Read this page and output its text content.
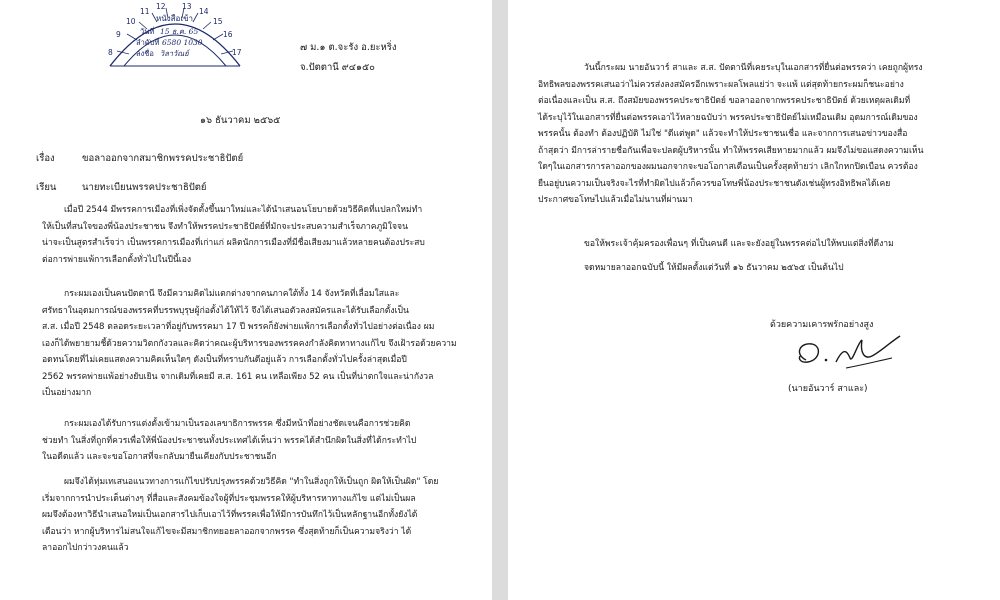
8
9
10
11
12 13
14
15
16
17
หนังสือเข้า
วันที่ 15 ธ.ค. 65
ลำดับที่ 6580 1030
ลงชื่อ วิลาวัณย์
๗ ม.๑ ต.จะรัง อ.ยะหริ่ง
จ.ปัตตานี ๙๔๑๕๐
๑๖ ธันวาคม ๒๕๖๕
เรื่อง	ขอลาออกจากสมาชิกพรรคประชาธิปัตย์
เรียน	นายทะเบียนพรรคประชาธิปัตย์
เมื่อปี 2544 มีพรรคการเมืองที่เพิ่งจัดตั้งขึ้นมาใหม่และได้นำเสนอนโยบายด้วยวิธีคิดที่แปลกใหม่ทำ
ให้เป็นที่สนใจของพี่น้องประชาชน จึงทำให้พรรคประชาธิปัตย์ที่มักจะประสบความสำเร็จภาคภูมิใจจน
น่าจะเป็นสูตรสำเร็จว่า เป็นพรรคการเมืองที่เก่าแก่ ผลิตนักการเมืองที่มีชื่อเสียงมาแล้วหลายคนต้องประสบ
ต่อการพ่ายแพ้การเลือกตั้งทั่วไปในปีนี้เอง
กระผมเองเป็นคนปัตตานี จึงมีความคิดไม่แตกต่างจากคนภาคใต้ทั้ง 14 จังหวัดที่เลื่อมใสและ
ศรัทธาในอุดมการณ์ของพรรคที่บรรพบุรุษผู้ก่อตั้งได้ให้ไว้ จึงได้เสนอตัวลงสมัครและได้รับเลือกตั้งเป็น
ส.ส. เมื่อปี 2548 ตลอดระยะเวลาที่อยู่กับพรรคมา 17 ปี พรรคก็ยังพ่ายแพ้การเลือกตั้งทั่วไปอย่างต่อเนื่อง ผม
เองก็ได้พยายามชี้ด้วยความวิตกกังวลและคิดว่าคณะผู้บริหารของพรรคคงกำลังคิดหาทางแก้ไข จึงเฝ้ารอด้วยความ
อดทนโดยที่ไม่เคยแสดงความคิดเห็นใดๆ ดังเป็นที่ทราบกันดีอยู่แล้ว การเลือกตั้งทั่วไปครั้งล่าสุดเมื่อปี
2562 พรรคพ่ายแพ้อย่างยับเยิน จากเดิมที่เคยมี ส.ส. 161 คน เหลือเพียง 52 คน เป็นที่น่าตกใจและน่ากังวล
เป็นอย่างมาก
กระผมเองได้รับการแต่งตั้งเข้ามาเป็นรองเลขาธิการพรรค ซึ่งมีหน้าที่อย่างชัดเจนคือการช่วยคิด
ช่วยทำ ในสิ่งที่ถูกที่ควรเพื่อให้พี่น้องประชาชนทั้งประเทศได้เห็นว่า พรรคได้สำนึกผิดในสิ่งที่ได้กระทำไป
ในอดีตแล้ว และจะขอโอกาสที่จะกลับมายืนเคียงกับประชาชนอีก
ผมจึงได้ทุ่มเทเสนอแนวทางการแก้ไขปรับปรุงพรรคด้วยวิธีคิด "ทำในสิ่งถูกให้เป็นถูก ผิดให้เป็นผิด" โดย
เริ่มจากการนำประเด็นต่างๆ ที่สื่อและสังคมข้องใจผู้ที่ประชุมพรรคให้ผู้บริหารหาทางแก้ไข แต่ไม่เป็นผล
ผมจึงต้องหาวิธีนำเสนอใหม่เป็นเอกสารไปเก็บเอาไว้ที่พรรคเพื่อให้มีการบันทึกไว้เป็นหลักฐานอีกทั้งยังได้
เตือนว่า หากผู้บริหารไม่สนใจแก้ไขจะมีสมาชิกทยอยลาออกจากพรรค ซึ่งสุดท้ายก็เป็นความจริงว่า ได้
ลาออกไปกว่าวงคนแล้ว
วันนี้กระผม นายอันวาร์ สาและ ส.ส. ปัตตานีที่เคยระบุในเอกสารที่ยื่นต่อพรรคว่า เคยถูกผู้ทรง
อิทธิพลของพรรคเสนอว่าไม่ควรส่งลงสมัครอีกเพราะผลโพลแย่ว่า จะแพ้ แต่สุดท้ายกระผมก็ชนะอย่าง
ต่อเนื่องและเป็น ส.ส. ถึงสมัยของพรรคประชาธิปัตย์ ขอลาออกจากพรรคประชาธิปัตย์ ด้วยเหตุผลเดิมที่
ได้ระบุไว้ในเอกสารที่ยื่นต่อพรรคเอาไว้หลายฉบับว่า พรรคประชาธิปัตย์ไม่เหมือนเดิม อุดมการณ์เดิมของ
พรรคนั้น ต้องทำ ต้องปฏิบัติ ไม่ใช่ "ดีแต่พูด" แล้วจะทำให้ประชาชนเชื่อ และจากการเสนอข่าวของสื่อ
ถ้าสุดว่า มีการล่ารายชื่อกันเพื่อจะปลดผู้บริหารนั้น ทำให้พรรคเสียหายมากแล้ว ผมจึงไม่ขอแสดงความเห็น
ใดๆในเอกสารการลาออกของผมนอกจากจะขอโอกาสเตือนเป็นครั้งสุดท้ายว่า เลิกใกหกปิดเบือน ควรต้อง
ยืนอยู่บนความเป็นจริงจะไรที่ทำผิดไปแล้วก็ควรขอโทษพี่น้องประชาชนดังเช่นผู้ทรงอิทธิพลได้เคย
ประกาศขอโทษไปแล้วเมื่อไม่นานที่ผ่านมา
ขอให้พระเจ้าคุ้มครองเพื่อนๆ ที่เป็นคนดี และจะยังอยู่ในพรรคต่อไปให้พบแต่สิ่งที่ดีงาม
จดหมายลาออกฉบับนี้ ให้มีผลตั้งแต่วันที่ ๑๖ ธันวาคม ๒๕๖๕ เป็นต้นไป
ด้วยความเคารพรักอย่างสูง
(นายอันวาร์ สาและ)
